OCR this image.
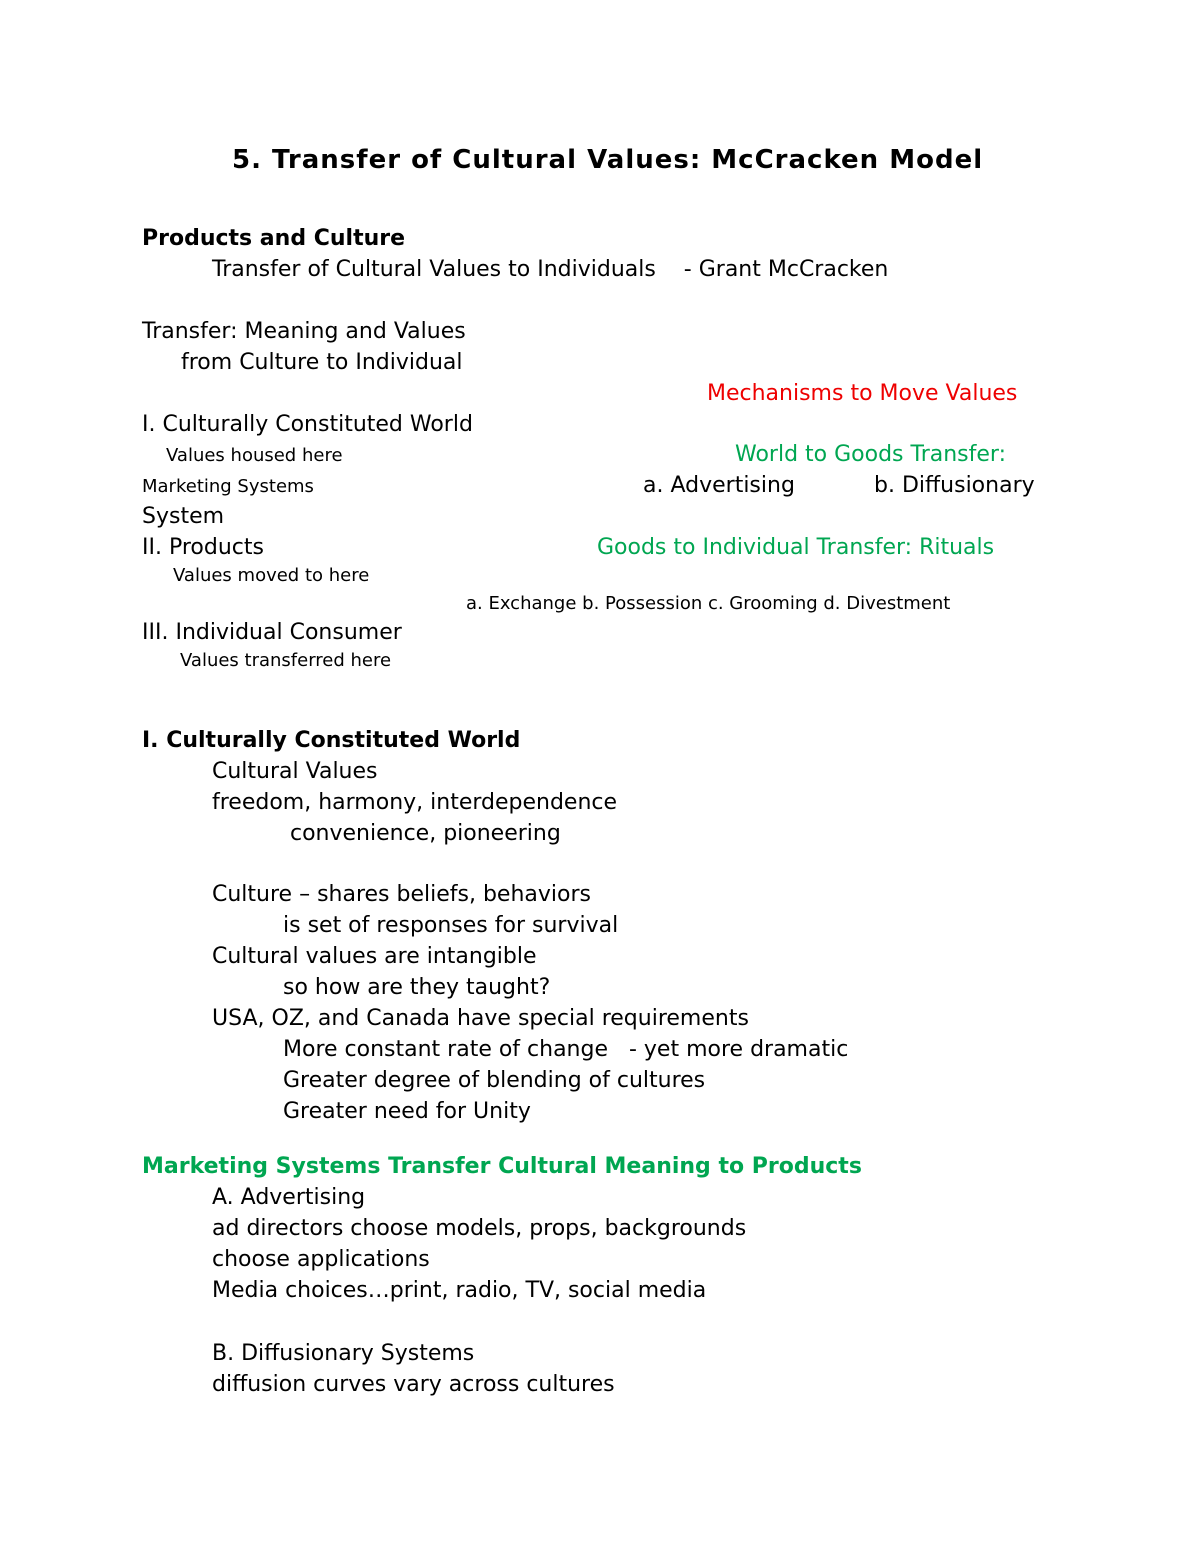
5. Transfer of Cultural Values: McCracken Model
Products and Culture
Transfer of Cultural Values to Individuals    - Grant McCracken
Transfer: Meaning and Values
from Culture to Individual
Mechanisms to Move Values
I. Culturally Constituted World
Values housed here	World to Goods Transfer:
Marketing Systems	a. Advertising	b. Diffusionary
System
II. Products	Goods to Individual Transfer: Rituals
Values moved to here
a. Exchange b. Possession c. Grooming d. Divestment
III. Individual Consumer
Values transferred here
I. Culturally Constituted World
Cultural Values
freedom, harmony, interdependence
convenience, pioneering
Culture – shares beliefs, behaviors
is set of responses for survival
Cultural values are intangible
so how are they taught?
USA, OZ, and Canada have special requirements
More constant rate of change   - yet more dramatic
Greater degree of blending of cultures
Greater need for Unity
Marketing Systems Transfer Cultural Meaning to Products
A. Advertising
ad directors choose models, props, backgrounds
choose applications
Media choices…print, radio, TV, social media
B. Diffusionary Systems
diffusion curves vary across cultures
